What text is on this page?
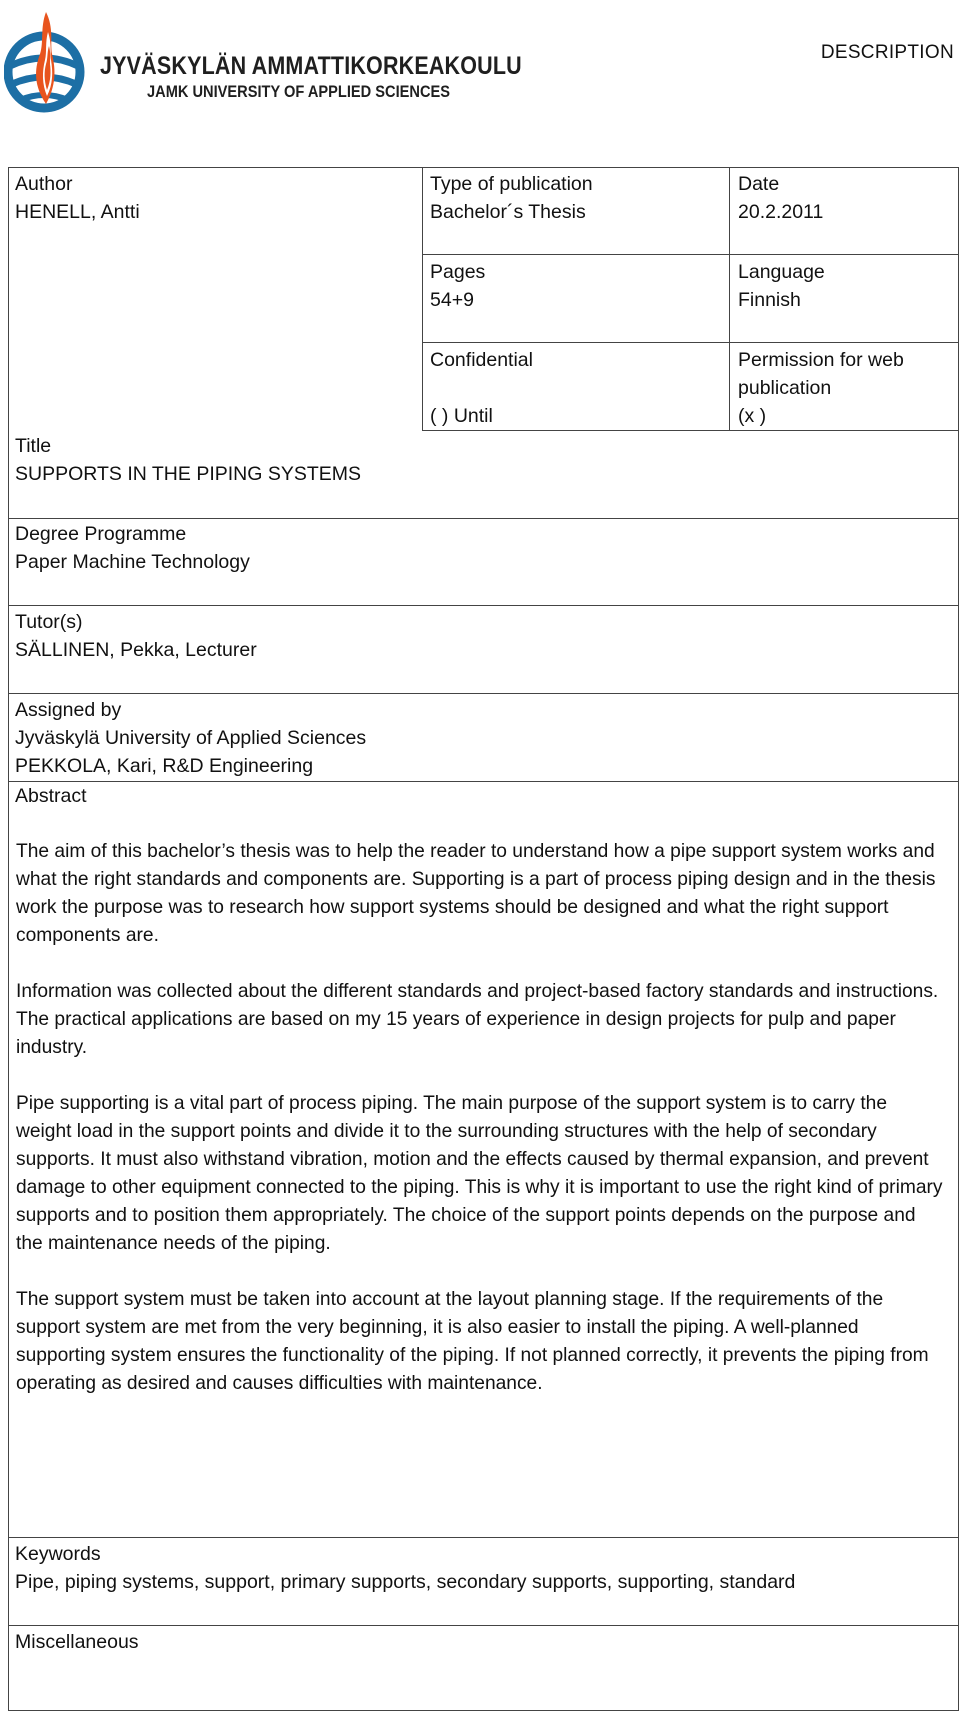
JYVÄSKYLÄN AMMATTIKORKEAKOULU
JAMK UNIVERSITY OF APPLIED SCIENCES
DESCRIPTION
Author
HENELL, Antti
Type of publication
Bachelor´s Thesis
Date
20.2.2011
Pages
54+9
Language
Finnish
Confidential
( ) Until
Permission for web publication
(x )
Title
SUPPORTS IN THE PIPING SYSTEMS
Degree Programme
Paper Machine Technology
Tutor(s)
SÄLLINEN, Pekka, Lecturer
Assigned by
Jyväskylä University of Applied Sciences
PEKKOLA, Kari, R&D Engineering
Abstract

The aim of this bachelor’s thesis was to help the reader to understand how a pipe support system works and what the right standards and components are. Supporting is a part of process piping design and in the thesis work the purpose was to research how support systems should be designed and what the right support components are.

Information was collected about the different standards and project-based factory standards and instructions. The practical applications are based on my 15 years of experience in design projects for pulp and paper industry.

Pipe supporting is a vital part of process piping. The main purpose of the support system is to carry the weight load in the support points and divide it to the surrounding structures with the help of secondary supports. It must also withstand vibration, motion and the effects caused by thermal expansion, and prevent damage to other equipment connected to the piping. This is why it is important to use the right kind of primary supports and to position them appropriately. The choice of the support points depends on the purpose and the maintenance needs of the piping.

The support system must be taken into account at the layout planning stage. If the requirements of the support system are met from the very beginning, it is also easier to install the piping. A well-planned supporting system ensures the functionality of the piping. If not planned correctly, it prevents the piping from operating as desired and causes difficulties with maintenance.

Keywords
Pipe, piping systems, support, primary supports, secondary supports, supporting, standard
Miscellaneous
